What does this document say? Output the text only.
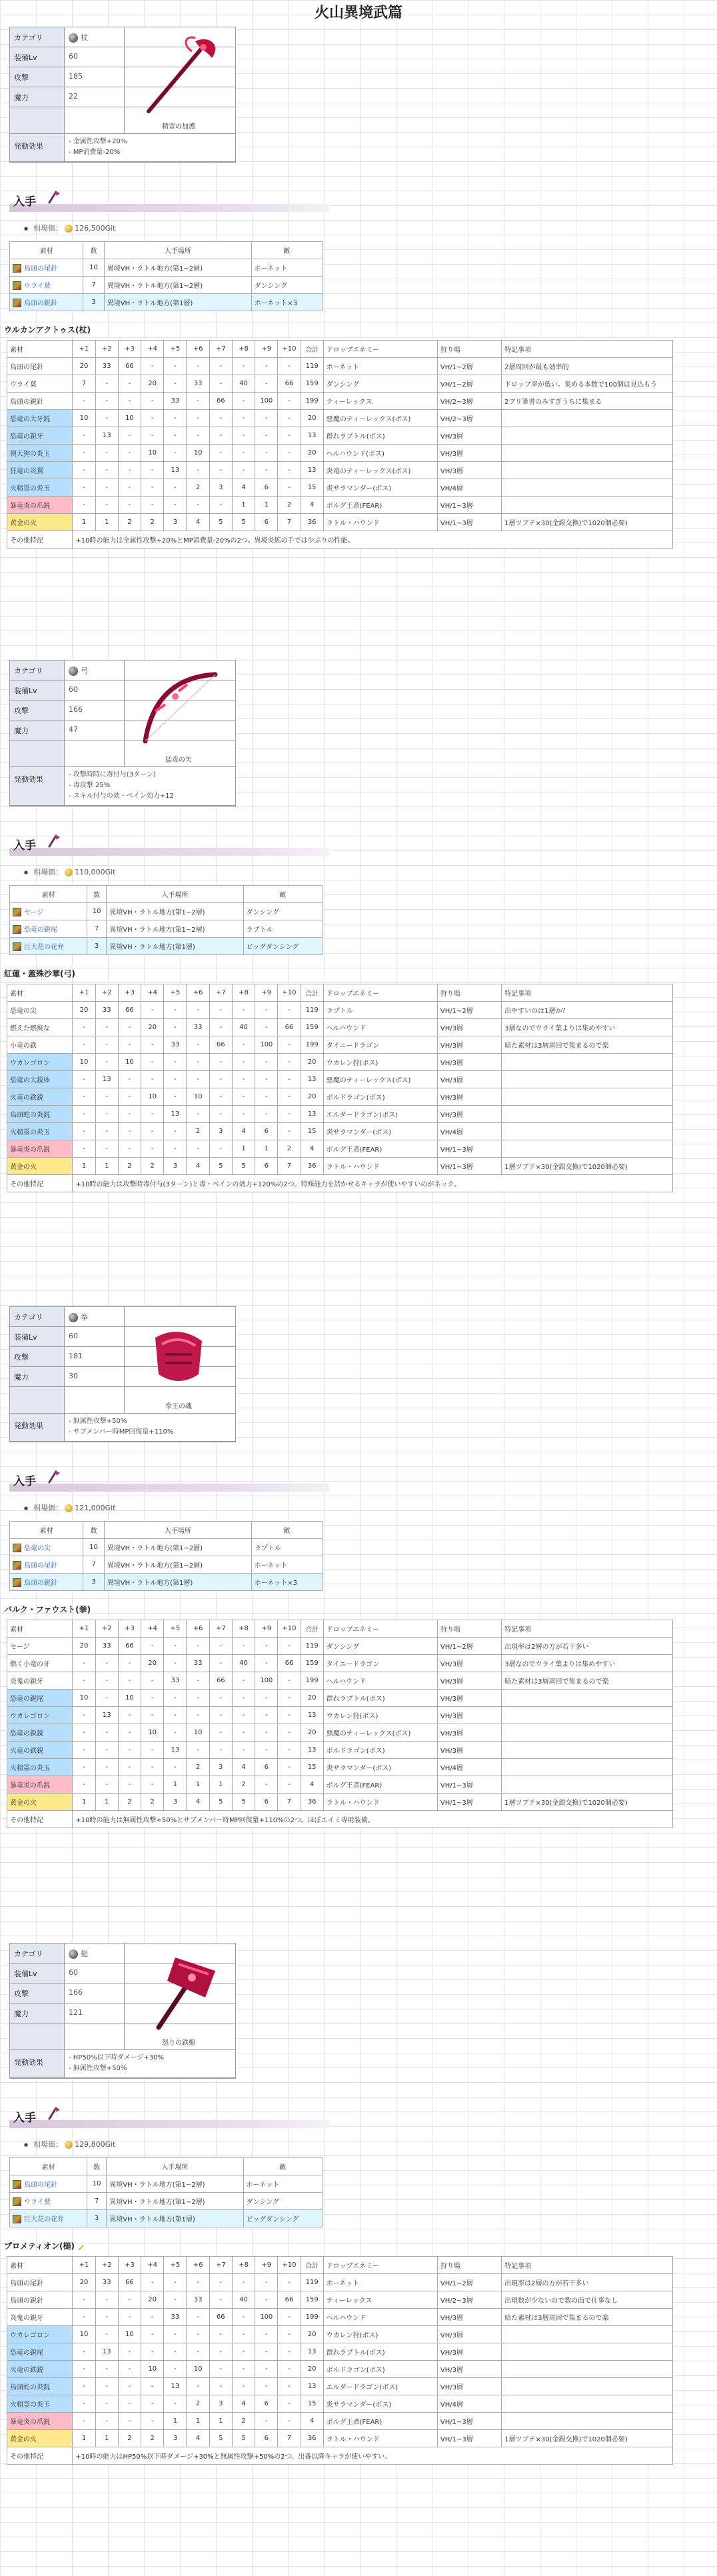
火山異境武篇
カテゴリ	杖
装備Lv	60
攻撃	185
魔力	22
発動効果
- 金属性攻撃+20%
- MP消費量-20%
精霊の加護
入手
● 相場価： 126,500Git
素材	数	入手場所	敵
鳥頭の尾針	10	異境VH・ラトル地方(第1~2層)	ホーネット
ウライ葉	7	異境VH・ラトル地方(第1~2層)	ダンシング
鳥頭の鋭針	3	異境VH・ラトル地方(第1層)	ホーネット×3
ウルカンアクトゥス(杖)
素材	+1	+2	+3	+4	+5	+6	+7	+8	+9	+10	合計	ドロップエネミー	狩り場	特記事項
鳥頭の尾針	20	33	66	-	-	-	-	-	-	-	119	ホーネット	VH/1~2層	2層周回が最も効率的
ウライ葉	7	-	-	20	-	33	-	40	-	66	159	ダンシング	VH/1~2層	ドロップ率が低い。集める本数で100個は見込もう
鳥頭の鋭針	-	-	-	-	33	-	66	-	100	-	199	ティーレックス	VH/2~3層	2ブリ筆書のみすぎうちに集まる
恐竜の大牙鋭	10	-	10	-	-	-	-	-	-	-	20	悪魔のティーレックス(ボス)	VH/2~3層	
恐竜の鋭牙	-	13	-	-	-	-	-	-	-	-	13	群れラプトル(ボス)	VH/3層	
朝天狗の炎玉	-	-	-	10	-	10	-	-	-	-	20	ヘルハウンド(ボス)	VH/3層	
狂竜の炎翼	-	-	-	-	13	-	-	-	-	-	13	炎竜のティーレックス(ボス)	VH/3層	
火精霊の炎玉	-	-	-	-	-	2	3	4	6	-	15	炎サラマンダー(ボス)	VH/4層	
暴竜炎の爪鋭	-	-	-	-	-	-	-	1	1	2	4	ボルグ王者(FEAR)	VH/1~3層	
黄金の火	1	1	2	2	3	4	5	5	6	7	36	ラトル・ハウンド	VH/1~3層	1層ツブテ×30(金銀交換)で1020個必要)
その他特記	+10時の能力は全属性攻撃+20%とMP消費量-20%の2つ。異境炎鉱の手では少ぶりの性能。													
カテゴリ	弓
装備Lv	60
攻撃	166
魔力	47
発動効果
- 攻撃時時に毒付与(3ターン)
- 毒攻撃 25%
- スキル付与の効・ベイン効力+12
猛毒の矢
入手
● 相場価： 110,000Git
素材	数	入手場所	敵
セージ	10	異境VH・ラトル地方(第1~2層)	ダンシング
恐竜の鋭尾	7	異境VH・ラトル地方(第1~2層)	ラプトル
巨大花の花弁	3	異境VH・ラトル地方(第1層)	ビッグダンシング
紅蓮・蓋殊沙華(弓)
素材	+1	+2	+3	+4	+5	+6	+7	+8	+9	+10	合計	ドロップエネミー	狩り場	特記事項
恐竜の尖	20	33	66	-	-	-	-	-	-	-	119	ラプトル	VH/1~2層	出やすいのは1層か？
燃えた燃焼な	-	-	-	20	-	33	-	40	-	66	159	ヘルハウンド	VH/3層	3層なのでウライ葉よりは集めやすい
小竜の鉄	-	-	-	-	33	-	66	-	100	-	199	タイニードラゴン	VH/3層	暗た素材は3層周回で集まるので楽
ウカレゴロン	10	-	10	-	-	-	-	-	-	-	20	ウカレン狩(ボス)	VH/3層	
恐竜の大鋭体	-	13	-	-	-	-	-	-	-	-	13	悪魔のティーレックス(ボス)	VH/3層	
火竜の鉄鋭	-	-	-	10	-	10	-	-	-	-	20	ボルドラゴン(ボス)	VH/3層	
鳥頭蛇の炎鋭	-	-	-	-	13	-	-	-	-	-	13	エルダードラゴン(ボス)	VH/3層	
火精霊の炎玉	-	-	-	-	-	2	3	4	6	-	15	炎サラマンダー(ボス)	VH/4層	
暴竜炎の爪鋭	-	-	-	-	-	-	-	1	1	2	4	ボルグ王者(FEAR)	VH/1~3層	
黄金の火	1	1	2	2	3	4	5	5	6	7	36	ラトル・ハウンド	VH/1~3層	1層ツブテ×30(金銀交換)で1020個必要)
その他特記	+10時の能力は攻撃時毒付与(3ターン)と毒・ベインの効力+120%の2つ。特殊能力を活かせるキャラが使いやすいのがネック。													
カテゴリ	拳
装備Lv	60
攻撃	181
魔力	30
発動効果
- 無属性攻撃+50%
- サブメンバー時MP回復量+110%
拳王の魂
入手
● 相場価： 121,000Git
素材	数	入手場所	敵
恐竜の尖	10	異境VH・ラトル地方(第1~2層)	ラプトル
鳥頭の尾針	7	異境VH・ラトル地方(第1~2層)	ホーネット
鳥頭の鋭針	3	異境VH・ラトル地方(第1層)	ホーネット×3
バルク・ファウスト(拳)
素材	+1	+2	+3	+4	+5	+6	+7	+8	+9	+10	合計	ドロップエネミー	狩り場	特記事項
セージ	20	33	66	-	-	-	-	-	-	-	119	ダンシング	VH/1~2層	出現率は2層の方が若干多い
燃く小竜の牙	-	-	-	20	-	33	-	40	-	66	159	タイニードラゴン	VH/3層	3層なのでウライ葉よりは集めやすい
炎鬼の鋭牙	-	-	-	-	33	-	66	-	100	-	199	ヘルハウンド	VH/3層	暗た素材は3層周回で集まるので楽
恐竜の鋭尾	10	-	10	-	-	-	-	-	-	-	20	群れラプトル(ボス)	VH/3層	
ウカレゴロン	-	13	-	-	-	-	-	-	-	-	13	ウカレン狩(ボス)	VH/3層	
恐竜の鋭鋭	-	-	-	10	-	10	-	-	-	-	20	悪魔のティーレックス(ボス)	VH/3層	
火竜の鉄鋭	-	-	-	-	13	-	-	-	-	-	13	ボルドラゴン(ボス)	VH/3層	
火精霊の炎玉	-	-	-	-	-	2	3	4	6	-	15	炎サラマンダー(ボス)	VH/4層	
暴竜炎の爪鋭	-	-	-	-	1	1	1	2	-	-	4	ボルグ王者(FEAR)	VH/1~3層	
黄金の火	1	1	2	2	3	4	5	5	6	7	36	ラトル・ハウンド	VH/1~3層	1層ツブテ×30(金銀交換)で1020個必要)
その他特記	+10時の能力は無属性攻撃+50%とサブメンバー時MP回復量+110%の2つ。ほぼエイミ専用装備。													
カテゴリ	槌
装備Lv	60
攻撃	166
魔力	121
発動効果
- HP50%以下時ダメージ+30%
- 無属性攻撃+50%
怒りの鉄槌
入手
● 相場価： 129,800Git
素材	数	入手場所	敵
鳥頭の尾針	10	異境VH・ラトル地方(第1~2層)	ホーネット
ウライ葉	7	異境VH・ラトル地方(第1~2層)	ダンシング
巨大花の花弁	3	異境VH・ラトル地方(第1層)	ビッグダンシング
プロメティオン(槌)
素材	+1	+2	+3	+4	+5	+6	+7	+8	+9	+10	合計	ドロップエネミー	狩り場	特記事項
鳥頭の尾針	20	33	66	-	-	-	-	-	-	-	119	ホーネット	VH/1~2層	出現率は2層の方が若干多い
鳥頭の鋭針	-	-	-	20	-	33	-	40	-	66	159	ティーレックス	VH/2~3層	出現数が少ないので数の面で仕事なし
炎鬼の鋭牙	-	-	-	-	33	-	66	-	100	-	199	ヘルハウンド	VH/3層	暗た素材は3層周回で集まるので楽
ウカレゴロン	10	-	10	-	-	-	-	-	-	-	20	ウカレン狩(ボス)	VH/3層	
恐竜の鋭尾	-	13	-	-	-	-	-	-	-	-	13	群れラプトル(ボス)	VH/3層	
火竜の鉄鋭	-	-	-	10	-	10	-	-	-	-	20	ボルドラゴン(ボス)	VH/3層	
鳥頭蛇の炎鋭	-	-	-	-	13	-	-	-	-	-	13	エルダードラゴン(ボス)	VH/3層	
火精霊の炎玉	-	-	-	-	-	2	3	4	6	-	15	炎サラマンダー(ボス)	VH/4層	
暴竜炎の爪鋭	-	-	-	-	1	1	1	2	-	-	4	ボルグ王者(FEAR)	VH/1~3層	
黄金の火	1	1	2	2	3	4	5	5	6	7	36	ラトル・ハウンド	VH/1~3層	1層ツブテ×30(金銀交換)で1020個必要)
その他特記	+10時の能力はHP50%以下時ダメージ+30%と無属性攻撃+50%の2つ。出番以降キャラが使いやすい。													
